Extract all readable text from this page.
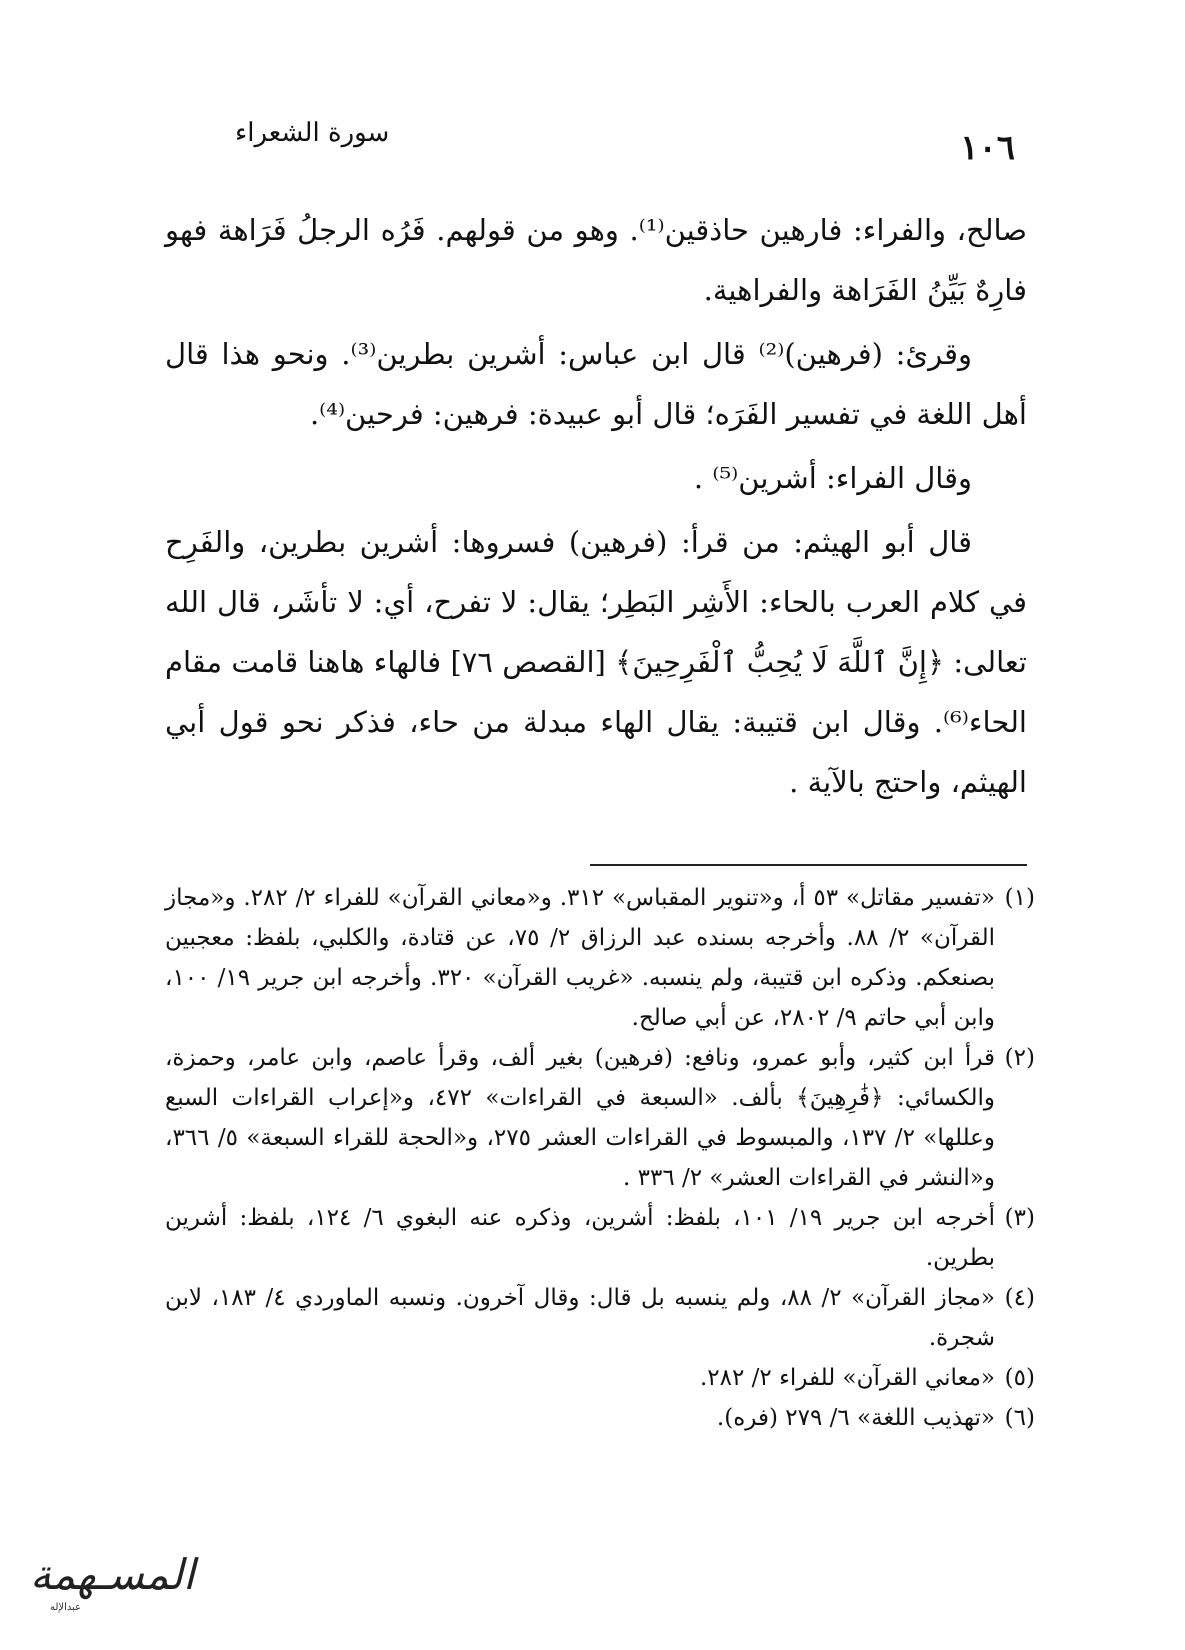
١٠٦
سورة الشعراء

صالح، والفراء: فارهين حاذقين⁽¹⁾. وهو من قولهم. فَرُه الرجلُ فَرَاهة فهو فارِهٌ بَيِّنُ الفَرَاهة والفراهية.

وقرئ: (فرهين)⁽²⁾ قال ابن عباس: أشرين بطرين⁽³⁾. ونحو هذا قال أهل اللغة في تفسير الفَرَه؛ قال أبو عبيدة: فرهين: فرحين⁽⁴⁾.

وقال الفراء: أشرين⁽⁵⁾ .

قال أبو الهيثم: من قرأ: (فرهين) فسروها: أشرين بطرين، والفَرِح في كلام العرب بالحاء: الأَشِر البَطِر؛ يقال: لا تفرح، أي: لا تأشَر، قال الله تعالى: ﴿إِنَّ ٱللَّهَ لَا يُحِبُّ ٱلْفَرِحِينَ﴾ [القصص ٧٦] فالهاء هاهنا قامت مقام الحاء⁽⁶⁾. وقال ابن قتيبة: يقال الهاء مبدلة من حاء، فذكر نحو قول أبي الهيثم، واحتج بالآية .

(١)
«تفسير مقاتل» ٥٣ أ، و«تنوير المقباس» ٣١٢. و«معاني القرآن» للفراء ٢/ ٢٨٢. و«مجاز القرآن» ٢/ ٨٨. وأخرجه بسنده عبد الرزاق ٢/ ٧٥، عن قتادة، والكلبي، بلفظ: معجبين بصنعكم. وذكره ابن قتيبة، ولم ينسبه. «غريب القرآن» ٣٢٠. وأخرجه ابن جرير ١٩/ ١٠٠، وابن أبي حاتم ٩/ ٢٨٠٢، عن أبي صالح.
(٢)
قرأ ابن كثير، وأبو عمرو، ونافع: (فرهين) بغير ألف، وقرأ عاصم، وابن عامر، وحمزة، والكسائي: ﴿فَٰرِهِينَ﴾ بألف. «السبعة في القراءات» ٤٧٢، و«إعراب القراءات السبع وعللها» ٢/ ١٣٧، والمبسوط في القراءات العشر ٢٧٥، و«الحجة للقراء السبعة» ٥/ ٣٦٦، و«النشر في القراءات العشر» ٢/ ٣٣٦ .
(٣)
أخرجه ابن جرير ١٩/ ١٠١، بلفظ: أشرين، وذكره عنه البغوي ٦/ ١٢٤، بلفظ: أشرين بطرين.
(٤)
«مجاز القرآن» ٢/ ٨٨، ولم ينسبه بل قال: وقال آخرون. ونسبه الماوردي ٤/ ١٨٣، لابن شجرة.
(٥)
«معاني القرآن» للفراء ٢/ ٢٨٢.
(٦)
«تهذيب اللغة» ٦/ ٢٧٩ (فره).
المسـهمة
عبدالإله
